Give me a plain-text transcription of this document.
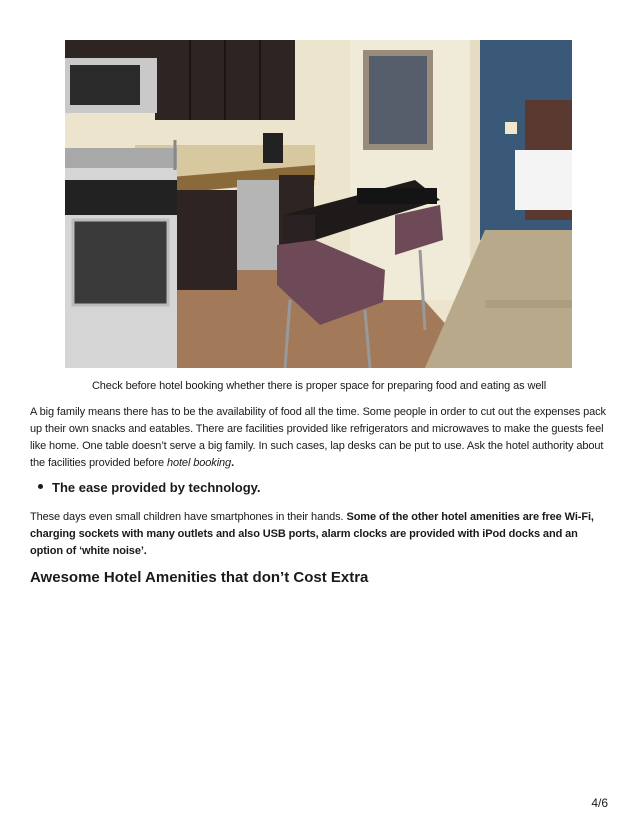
Check before hotel booking whether there is proper space for preparing food and eating as well

A big family means there has to be the availability of food all the time. Some people in order to cut out the expenses pack up their own snacks and eatables. There are facilities provided like refrigerators and microwaves to make the guests feel like home. One table doesn’t serve a big family. In such cases, lap desks can be put to use. Ask the hotel authority about the facilities provided before hotel booking.

The ease provided by technology.

These days even small children have smartphones in their hands. Some of the other hotel amenities are free Wi-Fi, charging sockets with many outlets and also USB ports, alarm clocks are provided with iPod docks and an option of ‘white noise’.

Awesome Hotel Amenities that don’t Cost Extra
4/6
